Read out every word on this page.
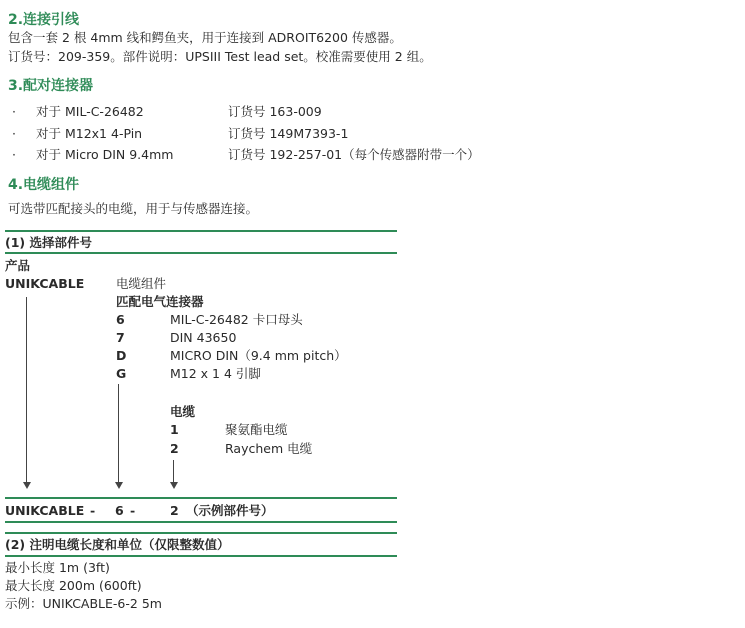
2.连接引线
包含一套 2 根 4mm 线和鳄鱼夹，用于连接到 ADROIT6200 传感器。
订货号：209-359。部件说明：UPSIII Test lead set。校准需要使用 2 组。
3.配对连接器
· 对于 MIL-C-26482	订货号 163-009
· 对于 M12x1 4-Pin	订货号 149M7393-1
· 对于 Micro DIN 9.4mm	订货号 192-257-01（每个传感器附带一个）
4.电缆组件
可选带匹配接头的电缆，用于与传感器连接。
(1) 选择部件号
产品
UNIKCABLE	电缆组件
匹配电气连接器
6	MIL-C-26482 卡口母头
7	DIN 43650
D	MICRO DIN（9.4 mm pitch）
G	M12 x 1 4 引脚
电缆
1	聚氨酯电缆
2	Raychem 电缆
UNIKCABLE - 6 -	2 （示例部件号）
(2) 注明电缆长度和单位（仅限整数值）
最小长度 1m (3ft)
最大长度 200m (600ft)
示例：UNIKCABLE-6-2 5m
